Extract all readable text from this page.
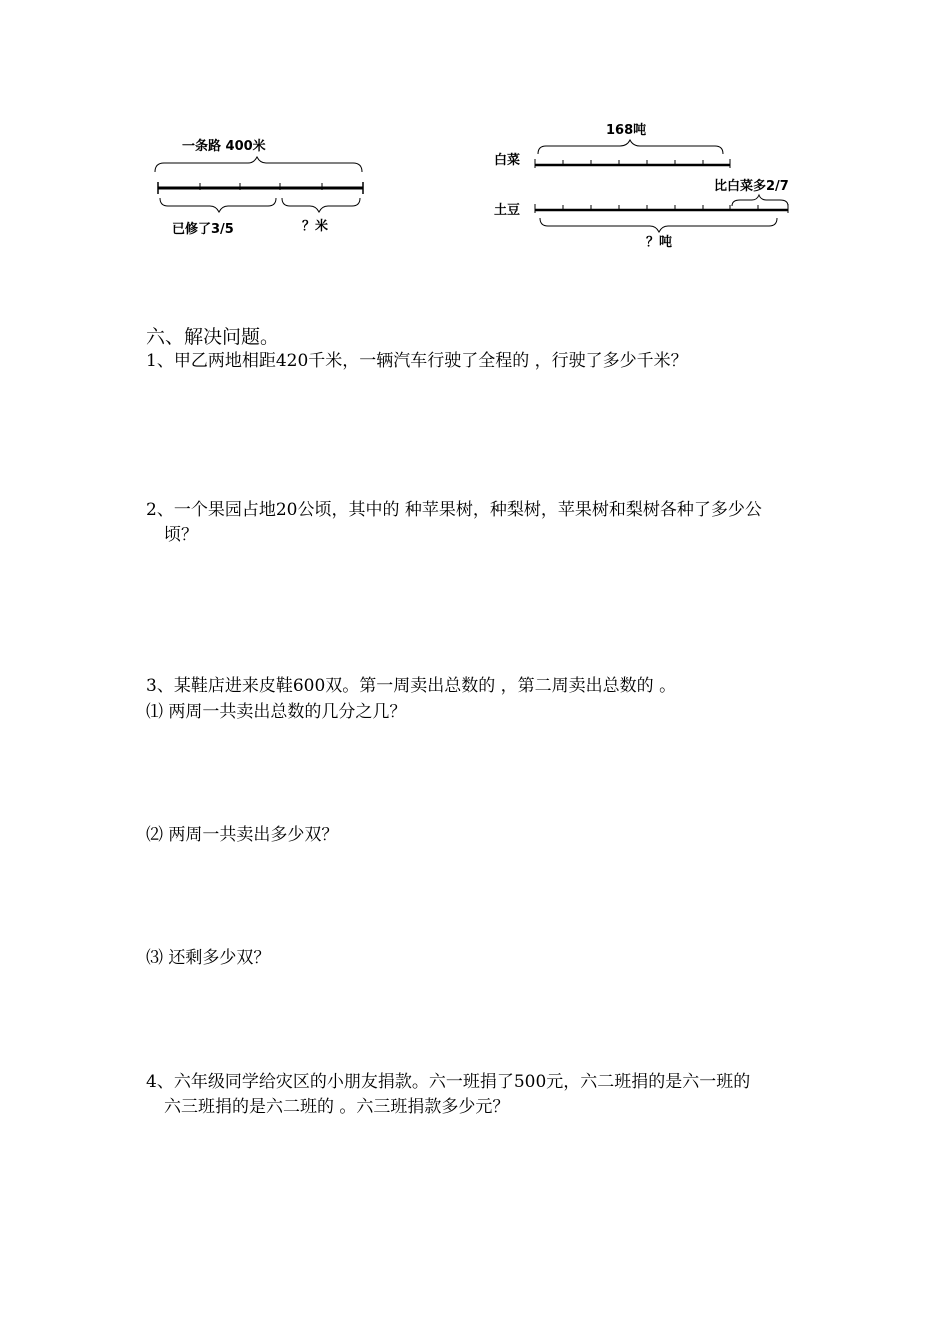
一条路 400米
已修了3/5	？米
168吨
白菜
比白菜多2/7
土豆
？吨
六、解决问题。
1、甲乙两地相距420千米，一辆汽车行驶了全程的 ，行驶了多少千米？
2、一个果园占地20公顷，其中的 种苹果树，种梨树，苹果树和梨树各种了多少公
顷？
3、某鞋店进来皮鞋600双。第一周卖出总数的 ，第二周卖出总数的 。
⑴ 两周一共卖出总数的几分之几？
⑵ 两周一共卖出多少双？
⑶ 还剩多少双？
4、六年级同学给灾区的小朋友捐款。六一班捐了500元，六二班捐的是六一班的
六三班捐的是六二班的 。六三班捐款多少元？
